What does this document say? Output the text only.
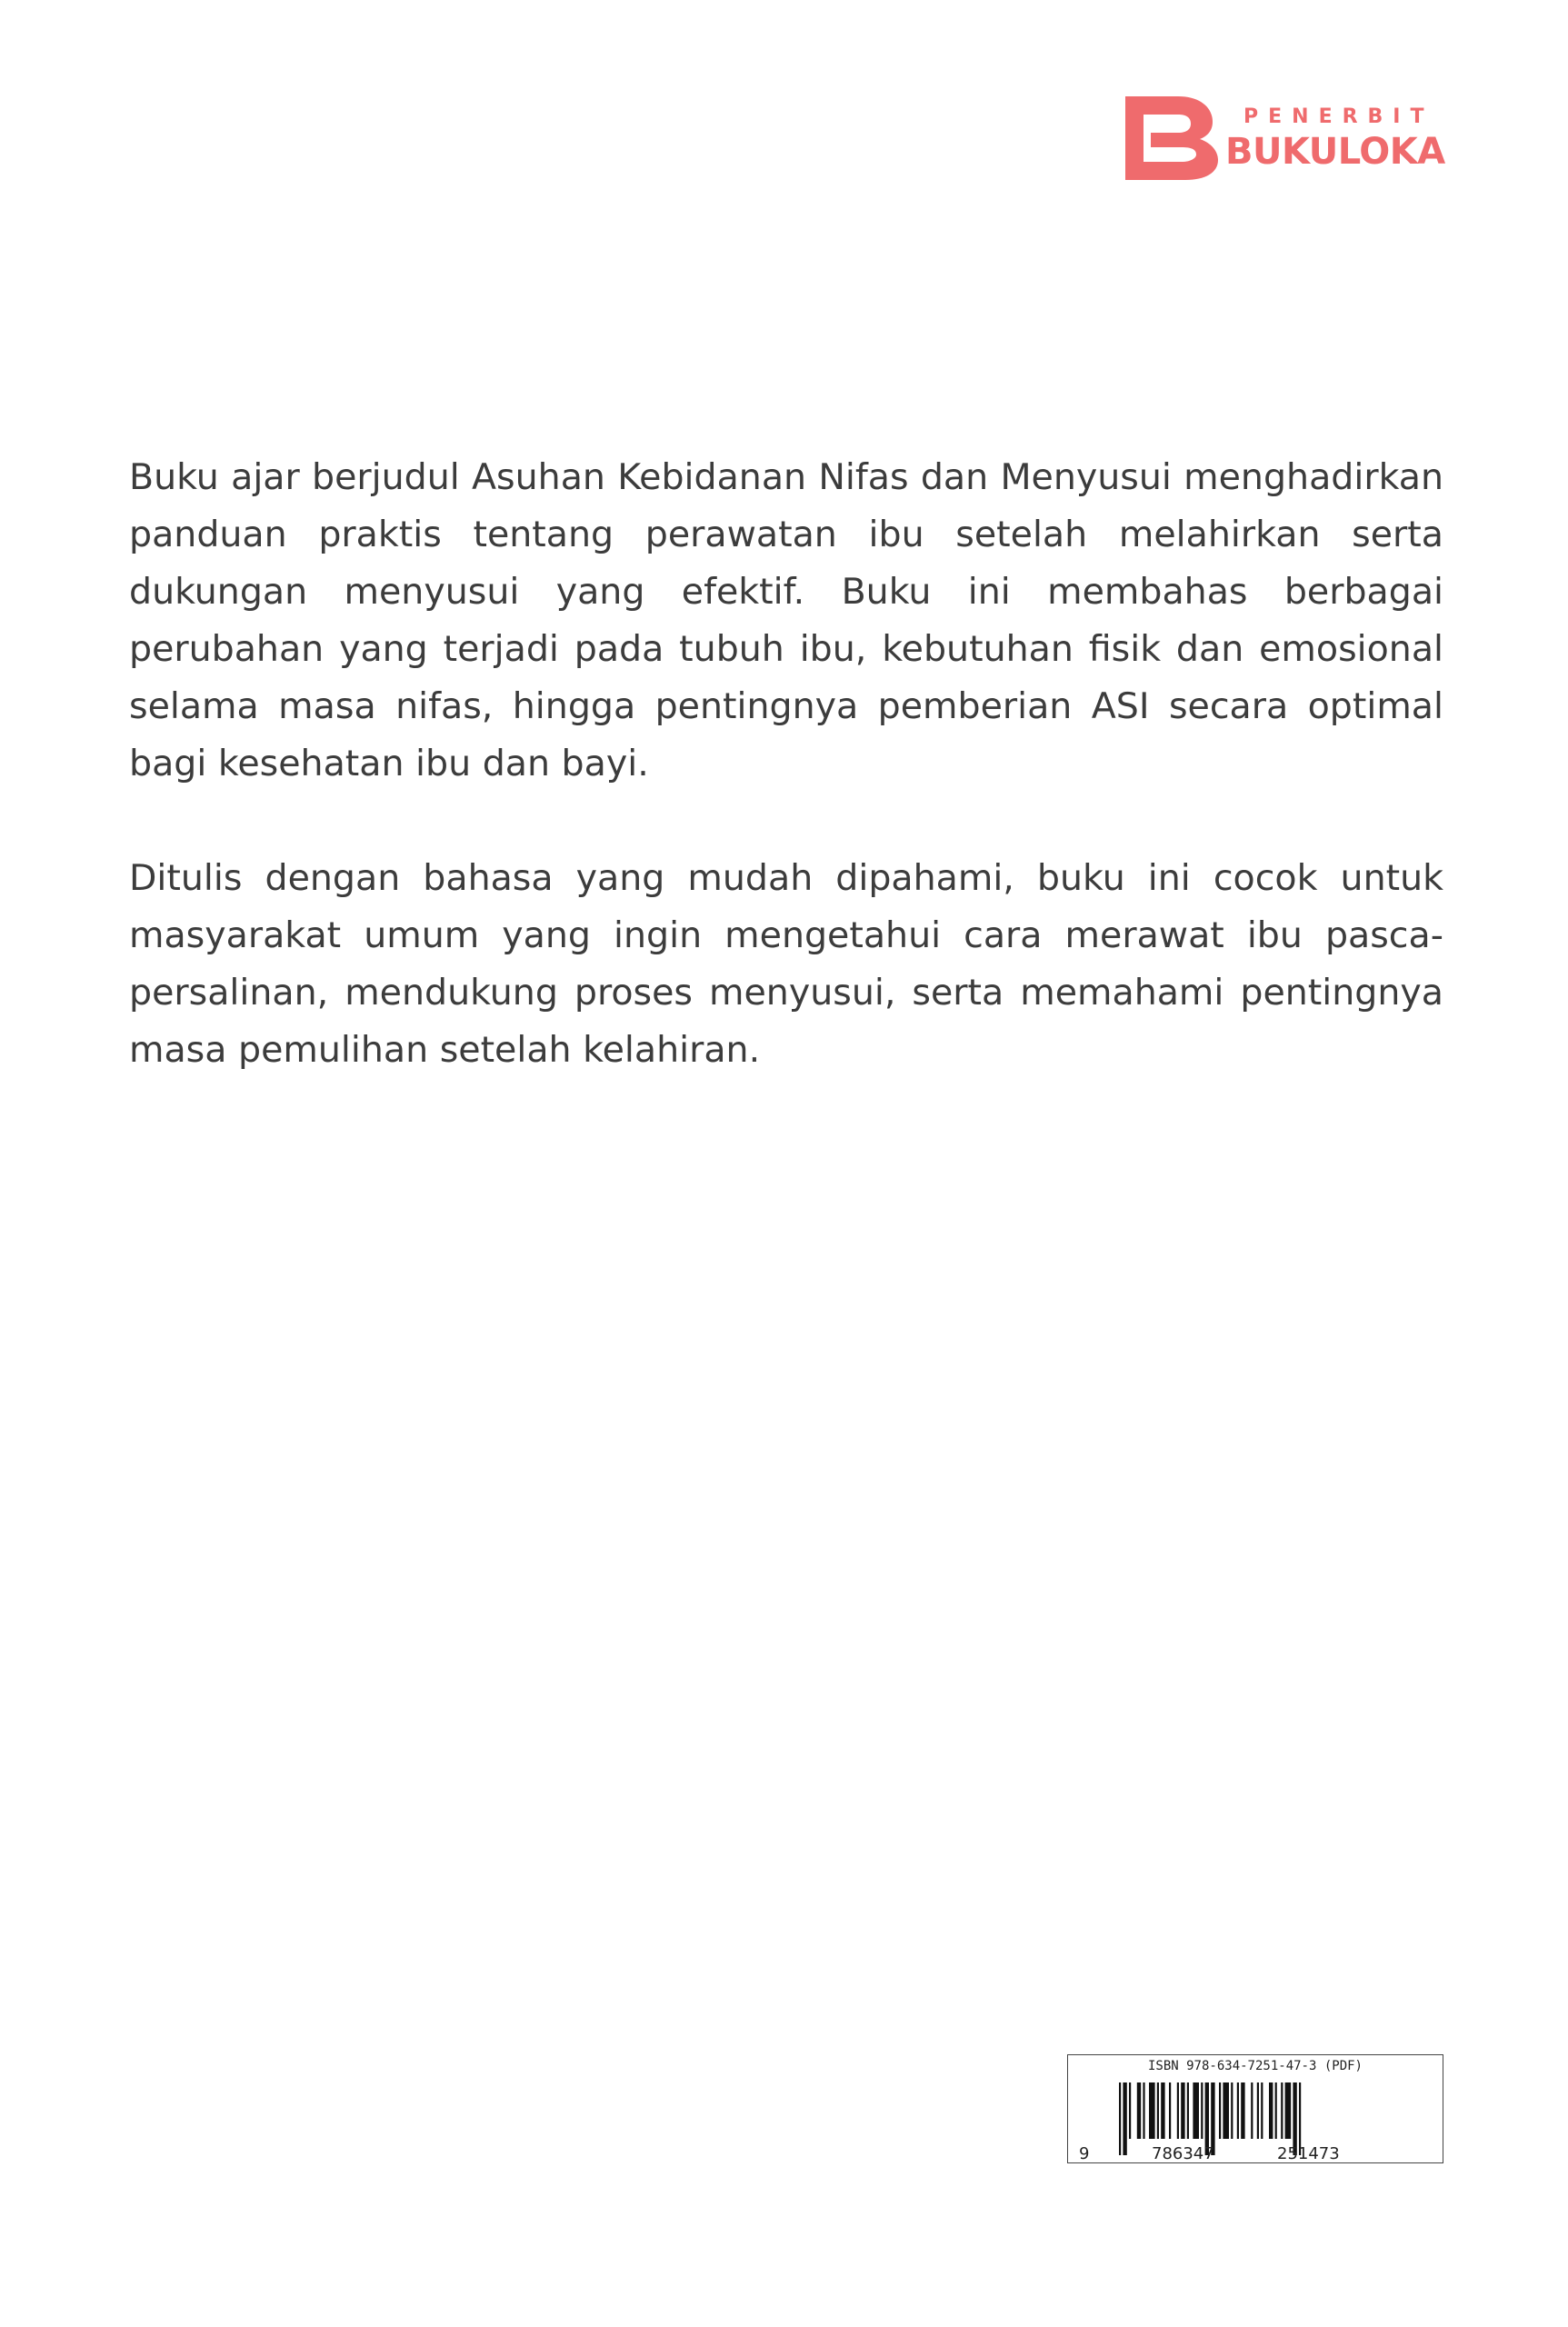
PENERBIT
BUKULOKA

Buku ajar berjudul Asuhan Kebidanan Nifas dan Menyusui menghadirkan panduan praktis tentang perawatan ibu setelah melahirkan serta dukungan menyusui yang efektif. Buku ini membahas berbagai perubahan yang terjadi pada tubuh ibu, kebutuhan fisik dan emosional selama masa nifas, hingga pentingnya pemberian ASI secara optimal bagi kesehatan ibu dan bayi.

Ditulis dengan bahasa yang mudah dipahami, buku ini cocok untuk masyarakat umum yang ingin mengetahui cara merawat ibu pasca-persalinan, mendukung proses menyusui, serta memahami pentingnya masa pemulihan setelah kelahiran.

ISBN 978-634-7251-47-3 (PDF)
9	786347	251473
